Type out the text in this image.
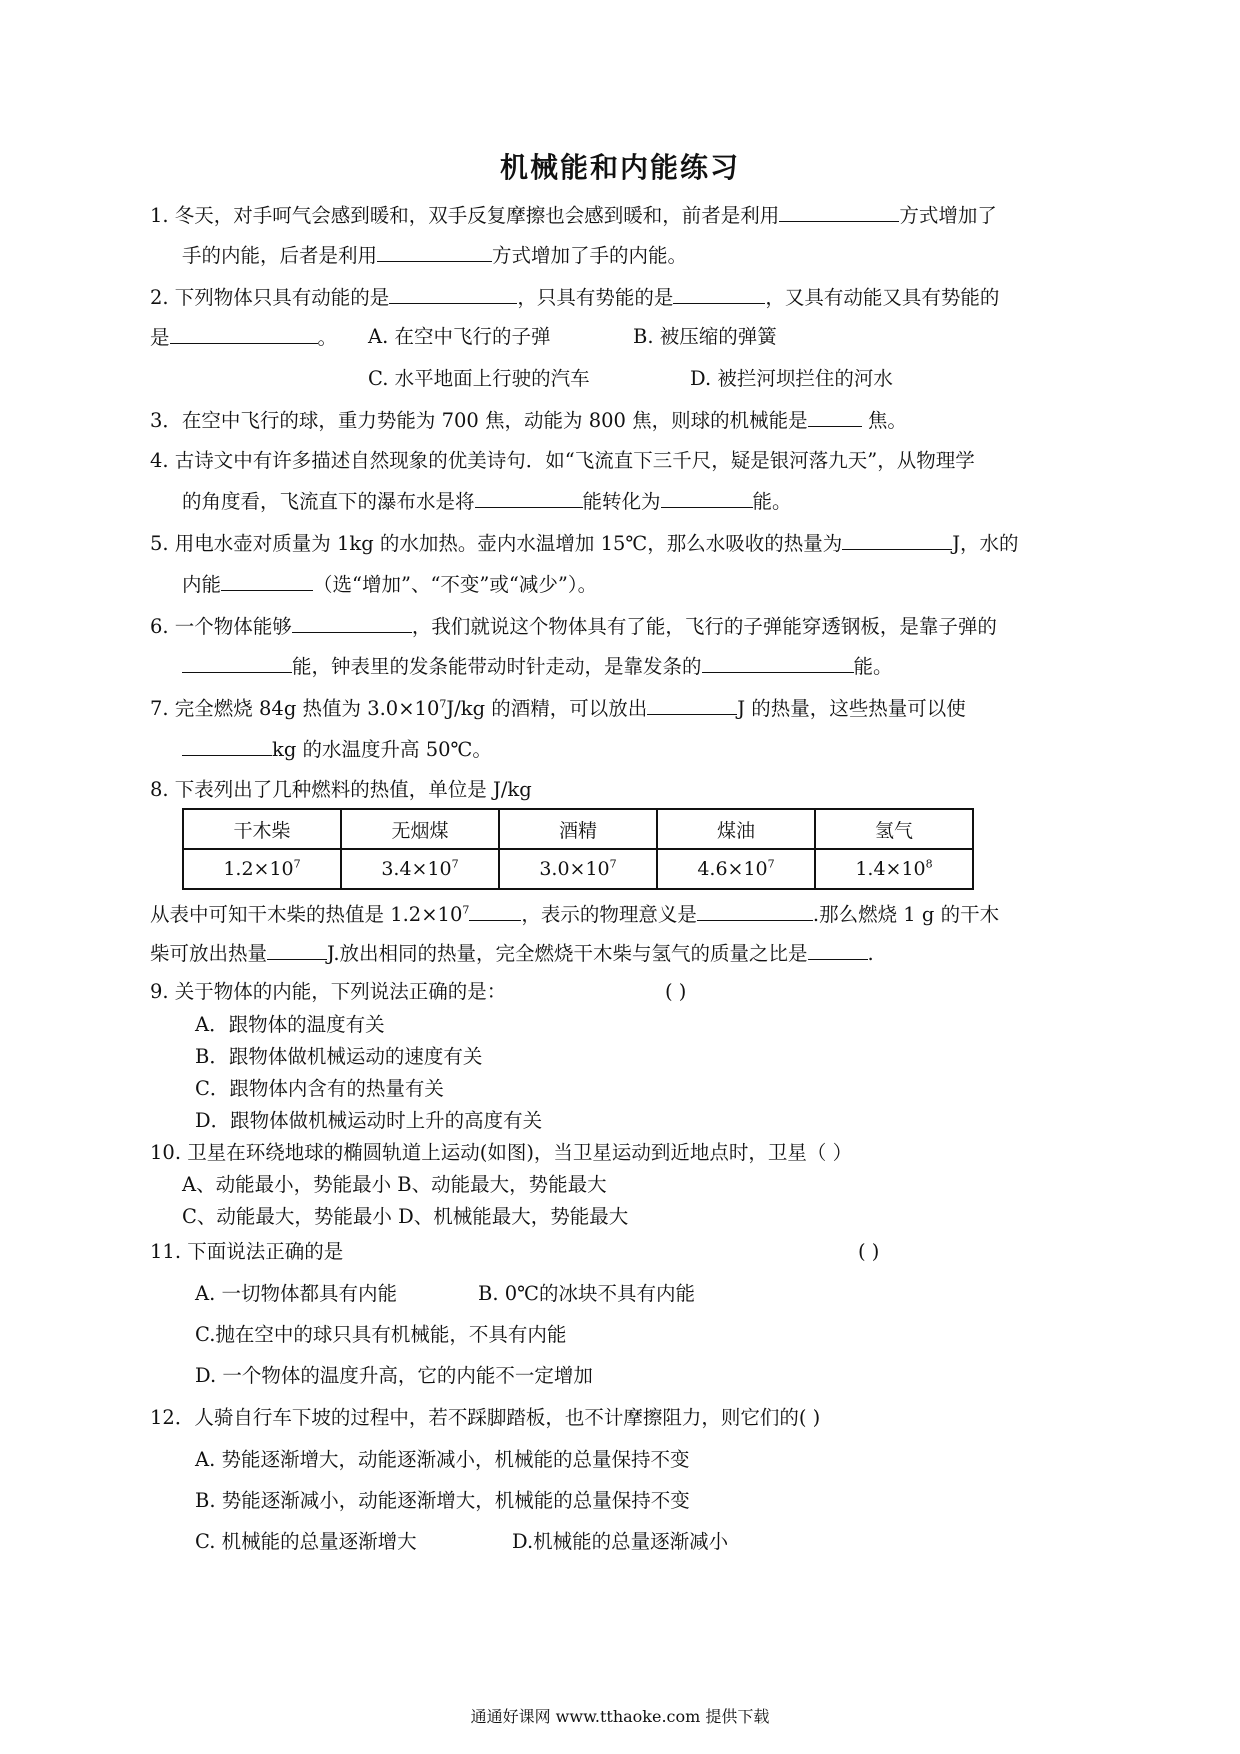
机械能和内能练习
1. 冬天，对手呵气会感到暖和，双手反复摩擦也会感到暖和，前者是利用	方式增加了
手的内能，后者是利用	方式增加了手的内能。
2. 下列物体只具有动能的是	，只具有势能的是	，又具有动能又具有势能的
是	。 A. 在空中飞行的子弹	B. 被压缩的弹簧
C. 水平地面上行驶的汽车	D. 被拦河坝拦住的河水
3．在空中飞行的球，重力势能为 700 焦，动能为 800 焦，则球的机械能是	焦。
4. 古诗文中有许多描述自然现象的优美诗句．如“飞流直下三千尺，疑是银河落九天”，从物理学
的角度看，飞流直下的瀑布水是将	能转化为	能。
5. 用电水壶对质量为 1kg 的水加热。壶内水温增加 15℃，那么水吸收的热量为	J，水的
内能	（选“增加”、“不变”或“减少”）。
6. 一个物体能够	，我们就说这个物体具有了能，飞行的子弹能穿透钢板，是靠子弹的
能，钟表里的发条能带动时针走动，是靠发条的	能。
7. 完全燃烧 84g 热值为 $3.0\times 10^7J/kg$ 的酒精，可以放出	J 的热量，这些热量可以使
kg 的水温度升高 50℃。
8. 下表列出了几种燃料的热值，单位是 J/kg
干木柴	无烟煤	酒精	煤油	氢气
$1.2\times 10^7$	$3.4\times 10^7$	$3.0\times 10^7$	$4.6\times 10^7$	$1.4\times 10^8$
从表中可知干木柴的热值是 $1.2\times 10^7$	，表示的物理意义是	.那么燃烧 1 g 的干木
柴可放出热量	J.放出相同的热量，完全燃烧干木柴与氢气的质量之比是	.
9. 关于物体的内能，下列说法正确的是：	( )
A．跟物体的温度有关
B．跟物体做机械运动的速度有关
C．跟物体内含有的热量有关
D．跟物体做机械运动时上升的高度有关
10. 卫星在环绕地球的椭圆轨道上运动(如图)，当卫星运动到近地点时，卫星（ ）
A、动能最小，势能最小 B、动能最大，势能最大
C、动能最大，势能最小 D、机械能最大，势能最大
11. 下面说法正确的是	( )
A. 一切物体都具有内能	B. 0℃的冰块不具有内能
C.抛在空中的球只具有机械能，不具有内能
D. 一个物体的温度升高，它的内能不一定增加
12．人骑自行车下坡的过程中，若不踩脚踏板，也不计摩擦阻力，则它们的( )
A. 势能逐渐增大，动能逐渐减小，机械能的总量保持不变
B. 势能逐渐减小，动能逐渐增大，机械能的总量保持不变
C. 机械能的总量逐渐增大	D.机械能的总量逐渐减小
通通好课网 www.tthaoke.com 提供下载
